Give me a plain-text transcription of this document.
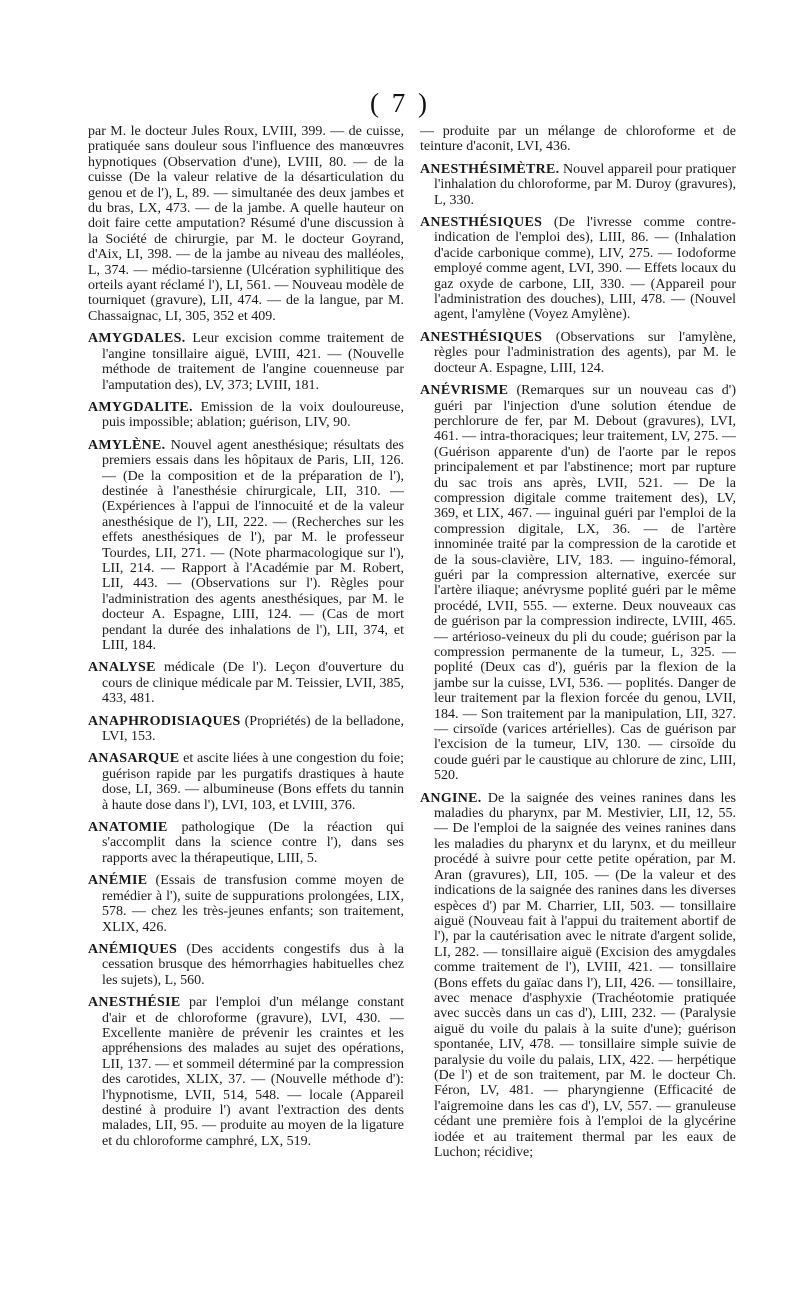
( 7 )

par M. le docteur Jules Roux, LVIII, 399. — de cuisse, pratiquée sans douleur sous l'influence des manœuvres hypnotiques (Observation d'une), LVIII, 80. — de la cuisse (De la valeur relative de la désarticulation du genou et de l'), L, 89. — simultanée des deux jambes et du bras, LX, 473. — de la jambe. A quelle hauteur on doit faire cette amputation? Résumé d'une discussion à la Société de chirurgie, par M. le docteur Goyrand, d'Aix, LI, 398. — de la jambe au niveau des malléoles, L, 374. — médio-tarsienne (Ulcération syphilitique des orteils ayant réclamé l'), LI, 561. — Nouveau modèle de tourniquet (gravure), LII, 474. — de la langue, par M. Chassaignac, LI, 305, 352 et 409.

AMYGDALES. Leur excision comme traitement de l'angine tonsillaire aiguë, LVIII, 421. — (Nouvelle méthode de traitement de l'angine couenneuse par l'amputation des), LV, 373; LVIII, 181.

AMYGDALITE. Emission de la voix douloureuse, puis impossible; ablation; guérison, LIV, 90.

AMYLÈNE. Nouvel agent anesthésique; résultats des premiers essais dans les hôpitaux de Paris, LII, 126. — (De la composition et de la préparation de l'), destinée à l'anesthésie chirurgicale, LII, 310. — (Expériences à l'appui de l'innocuité et de la valeur anesthésique de l'), LII, 222. — (Recherches sur les effets anesthésiques de l'), par M. le professeur Tourdes, LII, 271. — (Note pharmacologique sur l'), LII, 214. — Rapport à l'Académie par M. Robert, LII, 443. — (Observations sur l'). Règles pour l'administration des agents anesthésiques, par M. le docteur A. Espagne, LIII, 124. — (Cas de mort pendant la durée des inhalations de l'), LII, 374, et LIII, 184.

ANALYSE médicale (De l'). Leçon d'ouverture du cours de clinique médicale par M. Teissier, LVII, 385, 433, 481.

ANAPHRODISIAQUES (Propriétés) de la belladone, LVI, 153.

ANASARQUE et ascite liées à une congestion du foie; guérison rapide par les purgatifs drastiques à haute dose, LI, 369. — albumineuse (Bons effets du tannin à haute dose dans l'), LVI, 103, et LVIII, 376.

ANATOMIE pathologique (De la réaction qui s'accomplit dans la science contre l'), dans ses rapports avec la thérapeutique, LIII, 5.

ANÉMIE (Essais de transfusion comme moyen de remédier à l'), suite de suppurations prolongées, LIX, 578. — chez les très-jeunes enfants; son traitement, XLIX, 426.

ANÉMIQUES (Des accidents congestifs dus à la cessation brusque des hémorrhagies habituelles chez les sujets), L, 560.

ANESTHÉSIE par l'emploi d'un mélange constant d'air et de chloroforme (gravure), LVI, 430. — Excellente manière de prévenir les craintes et les appréhensions des malades au sujet des opérations, LII, 137. — et sommeil déterminé par la compression des carotides, XLIX, 37. — (Nouvelle méthode d'): l'hypnotisme, LVII, 514, 548. — locale (Appareil destiné à produire l') avant l'extraction des dents malades, LII, 95. — produite au moyen de la ligature et du chloroforme camphré, LX, 519.

— produite par un mélange de chloroforme et de teinture d'aconit, LVI, 436.

ANESTHÉSIMÈTRE. Nouvel appareil pour pratiquer l'inhalation du chloroforme, par M. Duroy (gravures), L, 330.

ANESTHÉSIQUES (De l'ivresse comme contre-indication de l'emploi des), LIII, 86. — (Inhalation d'acide carbonique comme), LIV, 275. — Iodoforme employé comme agent, LVI, 390. — Effets locaux du gaz oxyde de carbone, LII, 330. — (Appareil pour l'administration des douches), LIII, 478. — (Nouvel agent, l'amylène (Voyez Amylène).

ANESTHÉSIQUES (Observations sur l'amylène, règles pour l'administration des agents), par M. le docteur A. Espagne, LIII, 124.

ANÉVRISME (Remarques sur un nouveau cas d') guéri par l'injection d'une solution étendue de perchlorure de fer, par M. Debout (gravures), LVI, 461. — intra-thoraciques; leur traitement, LV, 275. — (Guérison apparente d'un) de l'aorte par le repos principalement et par l'abstinence; mort par rupture du sac trois ans après, LVII, 521. — De la compression digitale comme traitement des), LV, 369, et LIX, 467. — inguinal guéri par l'emploi de la compression digitale, LX, 36. — de l'artère innominée traité par la compression de la carotide et de la sous-clavière, LIV, 183. — inguino-fémoral, guéri par la compression alternative, exercée sur l'artère iliaque; anévrysme poplité guéri par le même procédé, LVII, 555. — externe. Deux nouveaux cas de guérison par la compression indirecte, LVIII, 465. — artérioso-veineux du pli du coude; guérison par la compression permanente de la tumeur, L, 325. — poplité (Deux cas d'), guéris par la flexion de la jambe sur la cuisse, LVI, 536. — poplités. Danger de leur traitement par la flexion forcée du genou, LVII, 184. — Son traitement par la manipulation, LII, 327. — cirsoïde (varices artérielles). Cas de guérison par l'excision de la tumeur, LIV, 130. — cirsoïde du coude guéri par le caustique au chlorure de zinc, LIII, 520.

ANGINE. De la saignée des veines ranines dans les maladies du pharynx, par M. Mestivier, LII, 12, 55. — De l'emploi de la saignée des veines ranines dans les maladies du pharynx et du larynx, et du meilleur procédé à suivre pour cette petite opération, par M. Aran (gravures), LII, 105. — (De la valeur et des indications de la saignée des ranines dans les diverses espèces d') par M. Charrier, LII, 503. — tonsillaire aiguë (Nouveau fait à l'appui du traitement abortif de l'), par la cautérisation avec le nitrate d'argent solide, LI, 282. — tonsillaire aiguë (Excision des amygdales comme traitement de l'), LVIII, 421. — tonsillaire (Bons effets du gaïac dans l'), LII, 426. — tonsillaire, avec menace d'asphyxie (Trachéotomie pratiquée avec succès dans un cas d'), LIII, 232. — (Paralysie aiguë du voile du palais à la suite d'une); guérison spontanée, LIV, 478. — tonsillaire simple suivie de paralysie du voile du palais, LIX, 422. — herpétique (De l') et de son traitement, par M. le docteur Ch. Féron, LV, 481. — pharyngienne (Efficacité de l'aigremoine dans les cas d'), LV, 557. — granuleuse cédant une première fois à l'emploi de la glycérine iodée et au traitement thermal par les eaux de Luchon; récidive;
